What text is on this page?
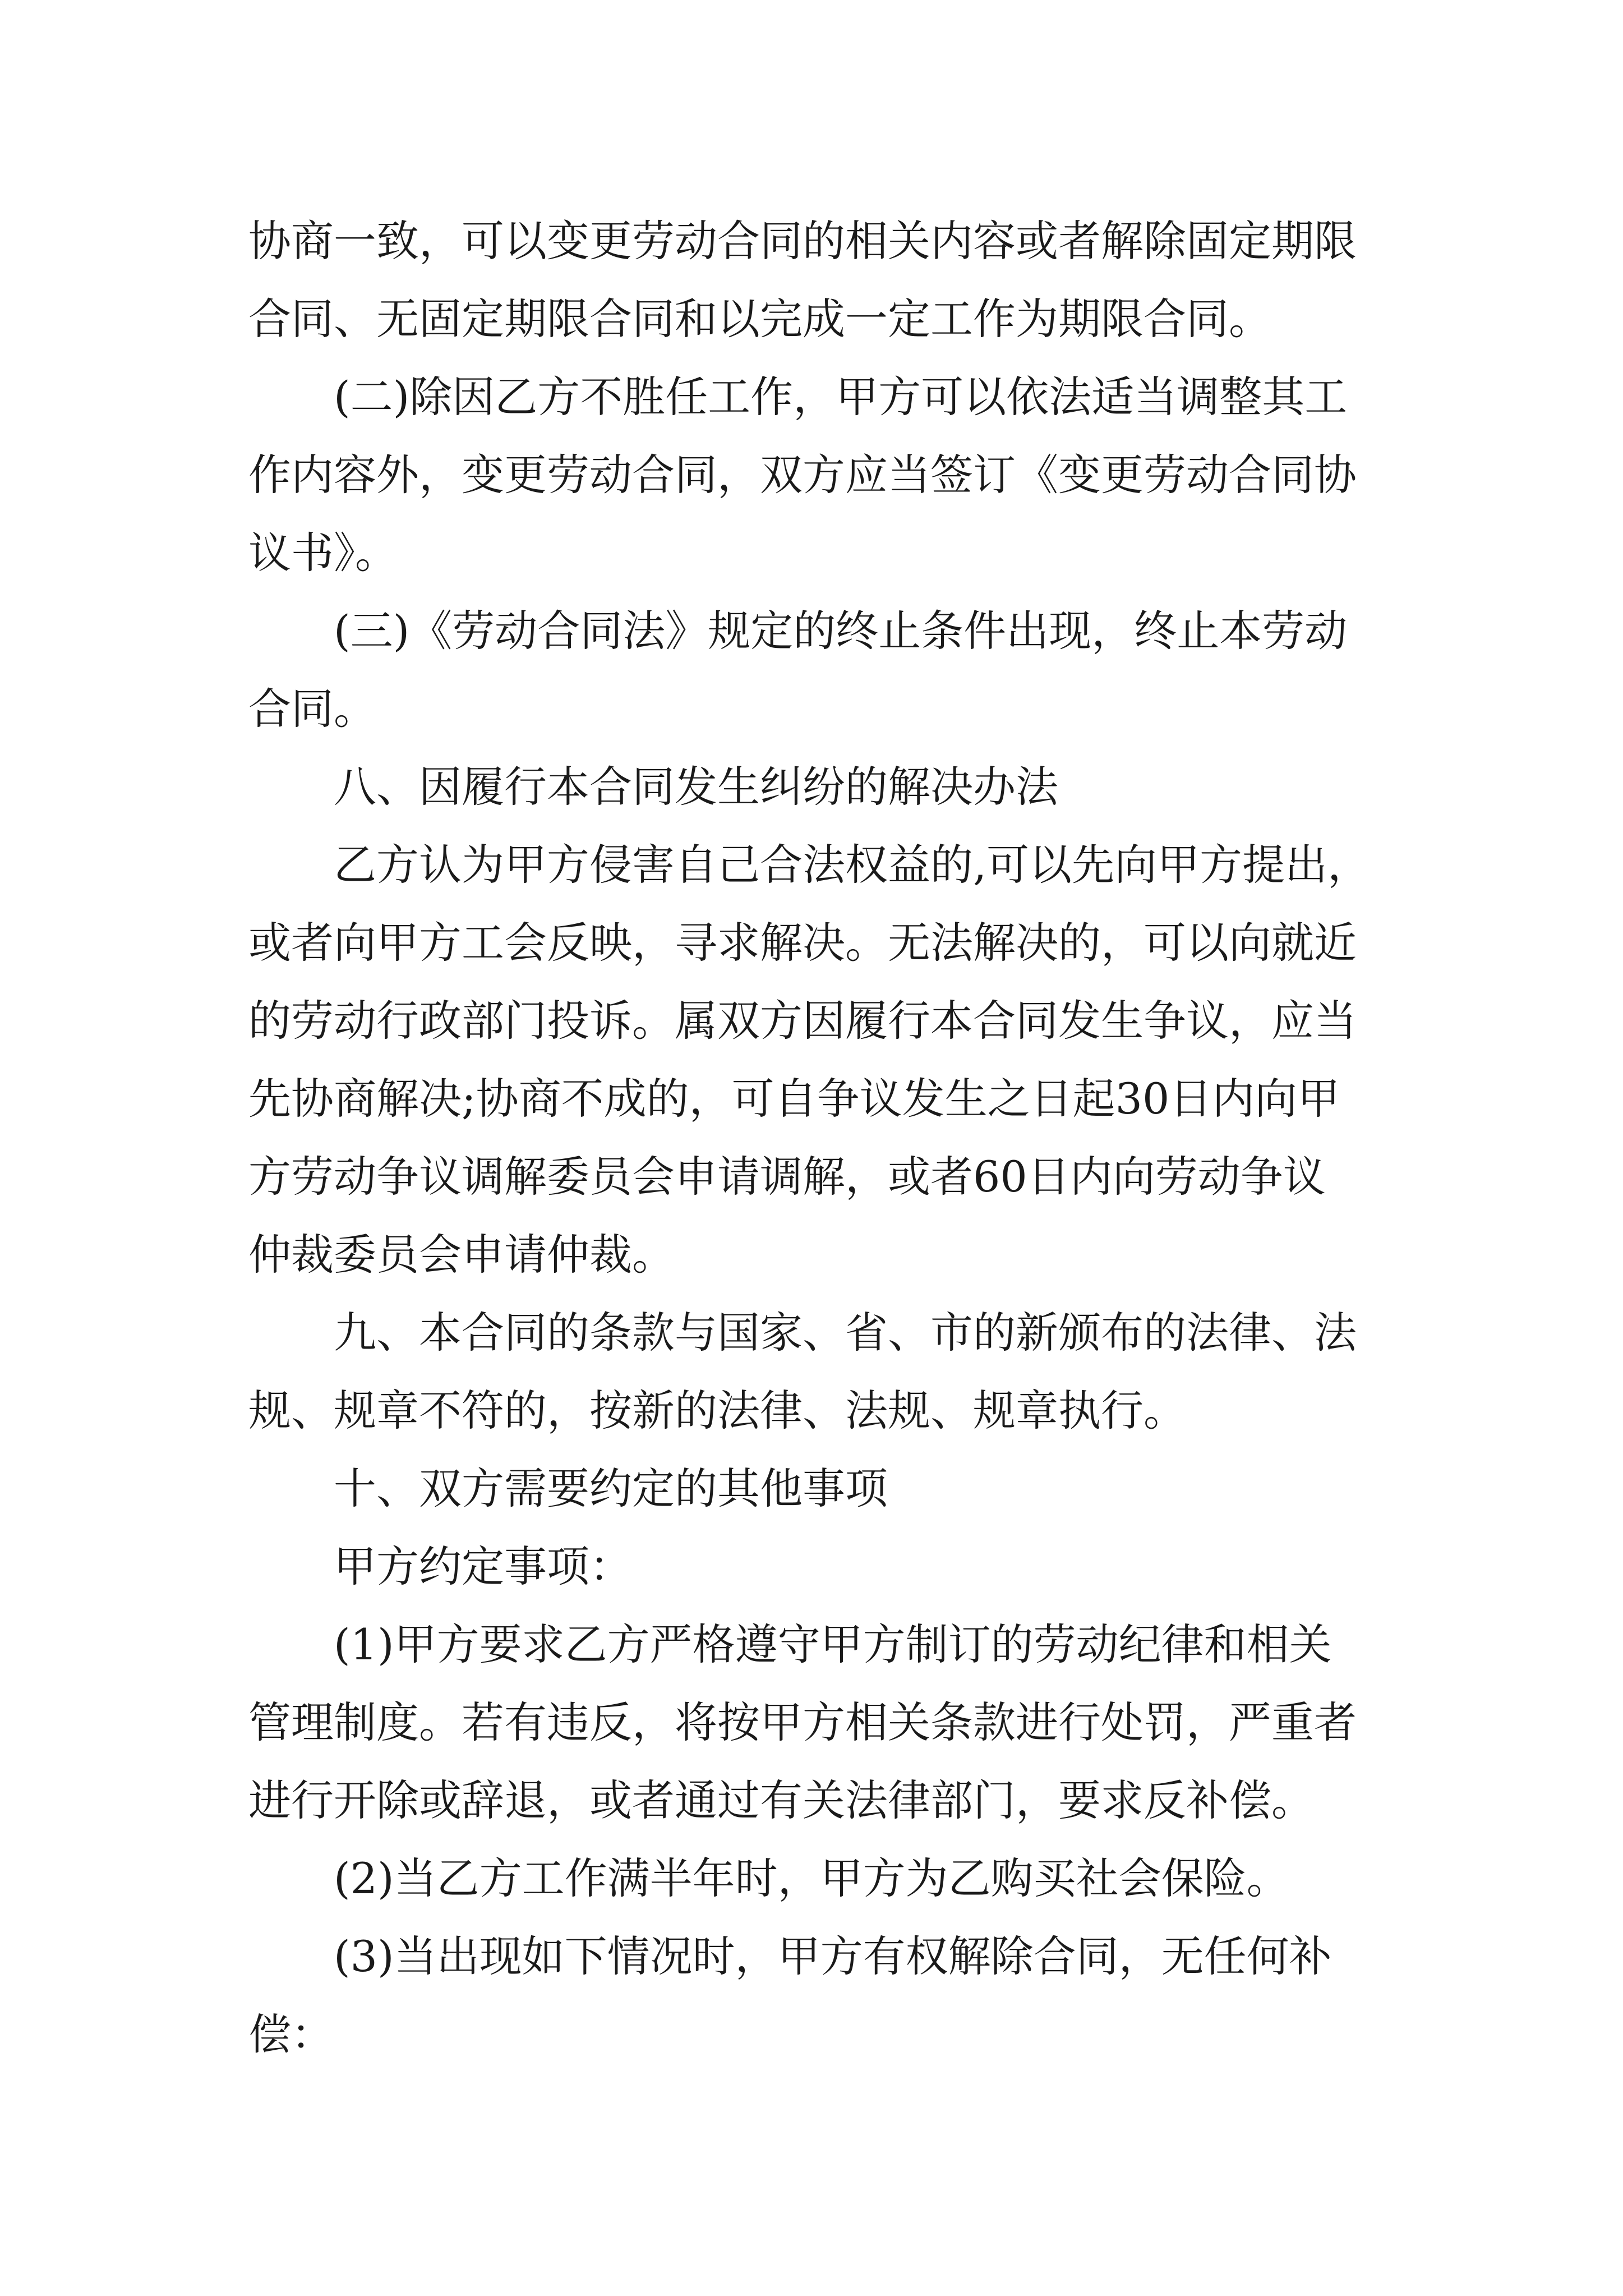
协商一致，可以变更劳动合同的相关内容或者解除固定期限
合同、无固定期限合同和以完成一定工作为期限合同。
(二)除因乙方不胜任工作，甲方可以依法适当调整其工
作内容外，变更劳动合同，双方应当签订《变更劳动合同协
议书》。
(三)《劳动合同法》规定的终止条件出现，终止本劳动
合同。
八、因履行本合同发生纠纷的解决办法
乙方认为甲方侵害自己合法权益的,可以先向甲方提出，
或者向甲方工会反映，寻求解决。无法解决的，可以向就近
的劳动行政部门投诉。属双方因履行本合同发生争议，应当
先协商解决;协商不成的，可自争议发生之日起30日内向甲
方劳动争议调解委员会申请调解，或者60日内向劳动争议
仲裁委员会申请仲裁。
九、本合同的条款与国家、省、市的新颁布的法律、法
规、规章不符的，按新的法律、法规、规章执行。
十、双方需要约定的其他事项
甲方约定事项：
(1)甲方要求乙方严格遵守甲方制订的劳动纪律和相关
管理制度。若有违反，将按甲方相关条款进行处罚，严重者
进行开除或辞退，或者通过有关法律部门，要求反补偿。
(2)当乙方工作满半年时，甲方为乙购买社会保险。
(3)当出现如下情况时，甲方有权解除合同，无任何补
偿：
